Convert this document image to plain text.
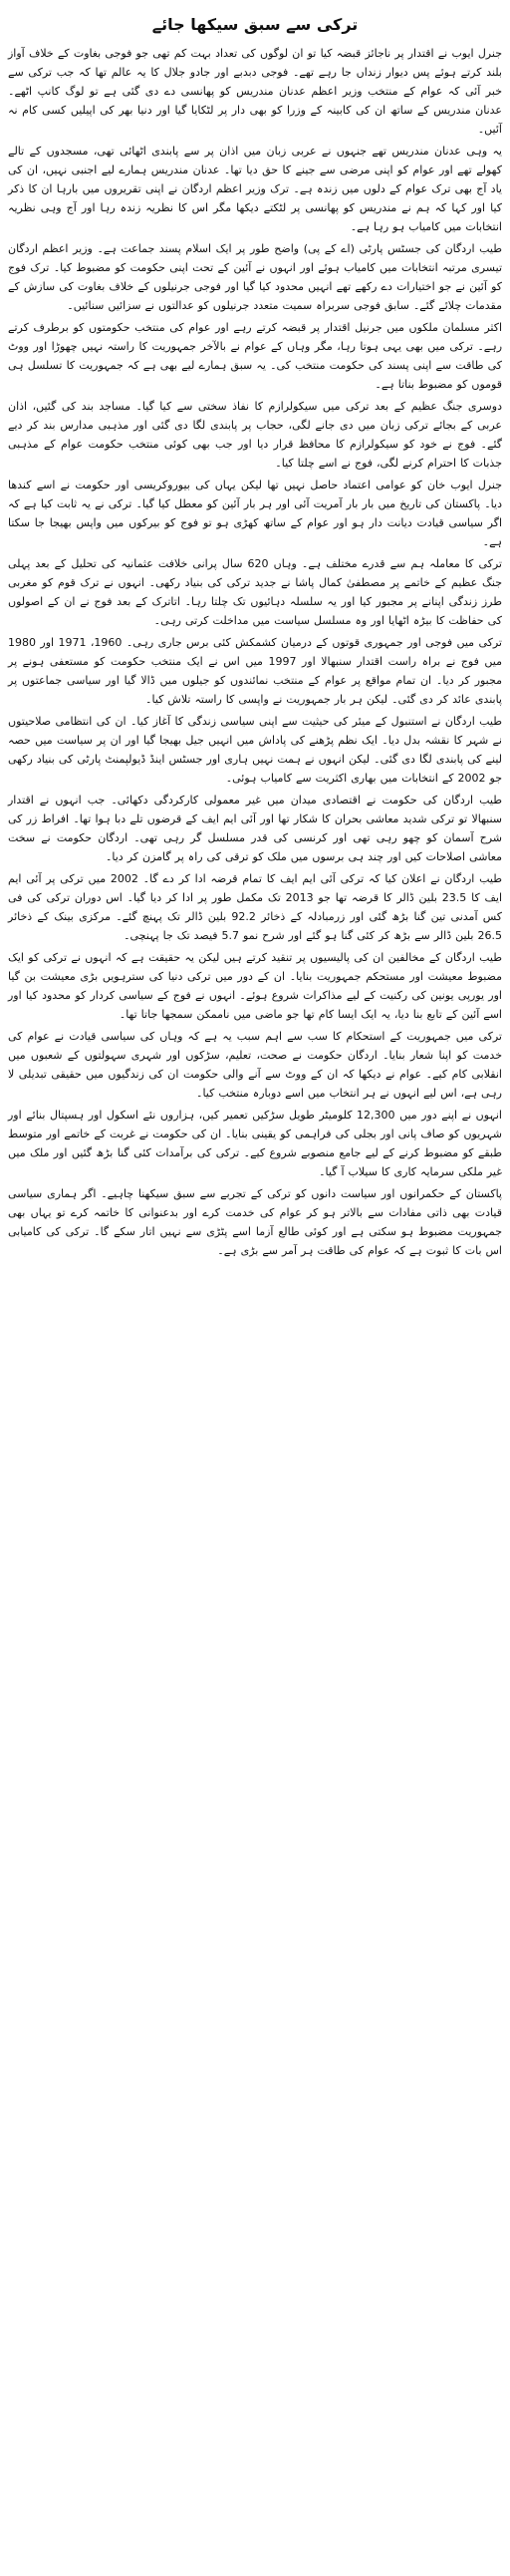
ترکی سے سبق سیکھا جائے

جنرل ایوب نے اقتدار پر ناجائز قبضہ کیا تو ان لوگوں کی تعداد بہت کم تھی جو فوجی بغاوت کے خلاف آواز بلند کرتے ہوئے پس دیوار زنداں جا رہے تھے۔ فوجی دبدبے اور جادو جلال کا یہ عالم تھا کہ جب ترکی سے خبر آئی کہ عوام کے منتخب وزیر اعظم عدنان مندریس کو پھانسی دے دی گئی ہے تو لوگ کانپ اٹھے۔ عدنان مندریس کے ساتھ ان کی کابینہ کے وزرا کو بھی دار پر لٹکایا گیا اور دنیا بھر کی اپیلیں کسی کام نہ آئیں۔

یہ وہی عدنان مندریس تھے جنہوں نے عربی زبان میں اذان پر سے پابندی اٹھائی تھی، مسجدوں کے تالے کھولے تھے اور عوام کو اپنی مرضی سے جینے کا حق دیا تھا۔ عدنان مندریس ہمارے لیے اجنبی نہیں، ان کی یاد آج بھی ترک عوام کے دلوں میں زندہ ہے۔ ترک وزیر اعظم اردگان نے اپنی تقریروں میں بارہا ان کا ذکر کیا اور کہا کہ ہم نے مندریس کو پھانسی پر لٹکتے دیکھا مگر اس کا نظریہ زندہ رہا اور آج وہی نظریہ انتخابات میں کامیاب ہو رہا ہے۔

طیب اردگان کی جسٹس پارٹی (اے کے پی) واضح طور پر ایک اسلام پسند جماعت ہے۔ وزیر اعظم اردگان تیسری مرتبہ انتخابات میں کامیاب ہوئے اور انہوں نے آئین کے تحت اپنی حکومت کو مضبوط کیا۔ ترک فوج کو آئین نے جو اختیارات دے رکھے تھے انہیں محدود کیا گیا اور فوجی جرنیلوں کے خلاف بغاوت کی سازش کے مقدمات چلائے گئے۔ سابق فوجی سربراہ سمیت متعدد جرنیلوں کو عدالتوں نے سزائیں سنائیں۔

اکثر مسلمان ملکوں میں جرنیل اقتدار پر قبضہ کرتے رہے اور عوام کی منتخب حکومتوں کو برطرف کرتے رہے۔ ترکی میں بھی یہی ہوتا رہا، مگر وہاں کے عوام نے بالآخر جمہوریت کا راستہ نہیں چھوڑا اور ووٹ کی طاقت سے اپنی پسند کی حکومت منتخب کی۔ یہ سبق ہمارے لیے بھی ہے کہ جمہوریت کا تسلسل ہی قوموں کو مضبوط بناتا ہے۔

دوسری جنگ عظیم کے بعد ترکی میں سیکولرازم کا نفاذ سختی سے کیا گیا۔ مساجد بند کی گئیں، اذان عربی کے بجائے ترکی زبان میں دی جانے لگی، حجاب پر پابندی لگا دی گئی اور مذہبی مدارس بند کر دیے گئے۔ فوج نے خود کو سیکولرازم کا محافظ قرار دیا اور جب بھی کوئی منتخب حکومت عوام کے مذہبی جذبات کا احترام کرنے لگی، فوج نے اسے چلتا کیا۔

جنرل ایوب خان کو عوامی اعتماد حاصل نہیں تھا لیکن یہاں کی بیوروکریسی اور حکومت نے اسے کندھا دیا۔ پاکستان کی تاریخ میں بار بار آمریت آئی اور ہر بار آئین کو معطل کیا گیا۔ ترکی نے یہ ثابت کیا ہے کہ اگر سیاسی قیادت دیانت دار ہو اور عوام کے ساتھ کھڑی ہو تو فوج کو بیرکوں میں واپس بھیجا جا سکتا ہے۔

ترکی کا معاملہ ہم سے قدرے مختلف ہے۔ وہاں 620 سال پرانی خلافت عثمانیہ کی تحلیل کے بعد پہلی جنگ عظیم کے خاتمے پر مصطفیٰ کمال پاشا نے جدید ترکی کی بنیاد رکھی۔ انہوں نے ترک قوم کو مغربی طرز زندگی اپنانے پر مجبور کیا اور یہ سلسلہ دہائیوں تک چلتا رہا۔ اتاترک کے بعد فوج نے ان کے اصولوں کی حفاظت کا بیڑہ اٹھایا اور وہ مسلسل سیاست میں مداخلت کرتی رہی۔

ترکی میں فوجی اور جمہوری قوتوں کے درمیان کشمکش کئی برس جاری رہی۔ 1960، 1971 اور 1980 میں فوج نے براہ راست اقتدار سنبھالا اور 1997 میں اس نے ایک منتخب حکومت کو مستعفی ہونے پر مجبور کر دیا۔ ان تمام مواقع پر عوام کے منتخب نمائندوں کو جیلوں میں ڈالا گیا اور سیاسی جماعتوں پر پابندی عائد کر دی گئی۔ لیکن ہر بار جمہوریت نے واپسی کا راستہ تلاش کیا۔

طیب اردگان نے استنبول کے میئر کی حیثیت سے اپنی سیاسی زندگی کا آغاز کیا۔ ان کی انتظامی صلاحیتوں نے شہر کا نقشہ بدل دیا۔ ایک نظم پڑھنے کی پاداش میں انہیں جیل بھیجا گیا اور ان پر سیاست میں حصہ لینے کی پابندی لگا دی گئی۔ لیکن انہوں نے ہمت نہیں ہاری اور جسٹس اینڈ ڈیولپمنٹ پارٹی کی بنیاد رکھی جو 2002 کے انتخابات میں بھاری اکثریت سے کامیاب ہوئی۔

طیب اردگان کی حکومت نے اقتصادی میدان میں غیر معمولی کارکردگی دکھائی۔ جب انہوں نے اقتدار سنبھالا تو ترکی شدید معاشی بحران کا شکار تھا اور آئی ایم ایف کے قرضوں تلے دبا ہوا تھا۔ افراط زر کی شرح آسمان کو چھو رہی تھی اور کرنسی کی قدر مسلسل گر رہی تھی۔ اردگان حکومت نے سخت معاشی اصلاحات کیں اور چند ہی برسوں میں ملک کو ترقی کی راہ پر گامزن کر دیا۔

طیب اردگان نے اعلان کیا کہ ترکی آئی ایم ایف کا تمام قرضہ ادا کر دے گا۔ 2002 میں ترکی پر آئی ایم ایف کا 23.5 بلین ڈالر کا قرضہ تھا جو 2013 تک مکمل طور پر ادا کر دیا گیا۔ اس دوران ترکی کی فی کس آمدنی تین گنا بڑھ گئی اور زرمبادلہ کے ذخائر 92.2 بلین ڈالر تک پہنچ گئے۔ مرکزی بینک کے ذخائر 26.5 بلین ڈالر سے بڑھ کر کئی گنا ہو گئے اور شرح نمو 5.7 فیصد تک جا پہنچی۔

طیب اردگان کے مخالفین ان کی پالیسیوں پر تنقید کرتے ہیں لیکن یہ حقیقت ہے کہ انہوں نے ترکی کو ایک مضبوط معیشت اور مستحکم جمہوریت بنایا۔ ان کے دور میں ترکی دنیا کی سترہویں بڑی معیشت بن گیا اور یورپی یونین کی رکنیت کے لیے مذاکرات شروع ہوئے۔ انہوں نے فوج کے سیاسی کردار کو محدود کیا اور اسے آئین کے تابع بنا دیا، یہ ایک ایسا کام تھا جو ماضی میں ناممکن سمجھا جاتا تھا۔

ترکی میں جمہوریت کے استحکام کا سب سے اہم سبب یہ ہے کہ وہاں کی سیاسی قیادت نے عوام کی خدمت کو اپنا شعار بنایا۔ اردگان حکومت نے صحت، تعلیم، سڑکوں اور شہری سہولتوں کے شعبوں میں انقلابی کام کیے۔ عوام نے دیکھا کہ ان کے ووٹ سے آنے والی حکومت ان کی زندگیوں میں حقیقی تبدیلی لا رہی ہے، اس لیے انہوں نے ہر انتخاب میں اسے دوبارہ منتخب کیا۔

انہوں نے اپنے دور میں 12,300 کلومیٹر طویل سڑکیں تعمیر کیں، ہزاروں نئے اسکول اور ہسپتال بنائے اور شہریوں کو صاف پانی اور بجلی کی فراہمی کو یقینی بنایا۔ ان کی حکومت نے غربت کے خاتمے اور متوسط طبقے کو مضبوط کرنے کے لیے جامع منصوبے شروع کیے۔ ترکی کی برآمدات کئی گنا بڑھ گئیں اور ملک میں غیر ملکی سرمایہ کاری کا سیلاب آ گیا۔

پاکستان کے حکمرانوں اور سیاست دانوں کو ترکی کے تجربے سے سبق سیکھنا چاہیے۔ اگر ہماری سیاسی قیادت بھی ذاتی مفادات سے بالاتر ہو کر عوام کی خدمت کرے اور بدعنوانی کا خاتمہ کرے تو یہاں بھی جمہوریت مضبوط ہو سکتی ہے اور کوئی طالع آزما اسے پٹڑی سے نہیں اتار سکے گا۔ ترکی کی کامیابی اس بات کا ثبوت ہے کہ عوام کی طاقت ہر آمر سے بڑی ہے۔
